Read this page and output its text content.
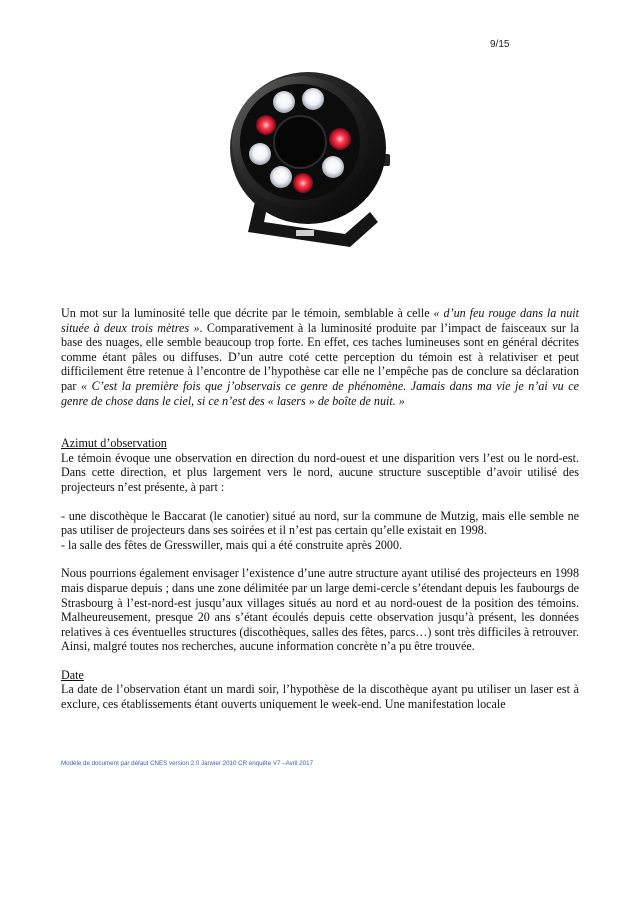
9/15

Un mot sur la luminosité telle que décrite par le témoin, semblable à celle « d’un feu rouge dans la nuit située à deux trois mètres ». Comparativement à la luminosité produite par l’impact de faisceaux sur la base des nuages, elle semble beaucoup trop forte. En effet, ces taches lumineuses sont en général décrites comme étant pâles ou diffuses. D’un autre coté cette perception du témoin est à relativiser et peut difficilement être retenue à l’encontre de l’hypothèse car elle ne l’empêche pas de conclure sa déclaration par « C’est la première fois que j’observais ce genre de phénomène. Jamais dans ma vie je n’ai vu ce genre de chose dans le ciel, si ce n’est des « lasers » de boîte de nuit. »

Azimut d’observation

Le témoin évoque une observation en direction du nord-ouest et une disparition vers l’est ou le nord-est. Dans cette direction, et plus largement vers le nord, aucune structure susceptible d’avoir utilisé des projecteurs n’est présente, à part :

- une discothèque le Baccarat (le canotier) situé au nord, sur la commune de Mutzig, mais elle semble ne pas utiliser de projecteurs dans ses soirées et il n’est pas certain qu’elle existait en 1998.

- la salle des fêtes de Gresswiller, mais qui a été construite après 2000.

Nous pourrions également envisager l’existence d’une autre structure ayant utilisé des projecteurs en 1998 mais disparue depuis ; dans une zone délimitée par un large demi-cercle s’étendant depuis les faubourgs de Strasbourg à l’est-nord-est jusqu’aux villages situés au nord et au nord-ouest de la position des témoins. Malheureusement, presque 20 ans s’étant écoulés depuis cette observation jusqu’à présent, les données relatives à ces éventuelles structures (discothèques, salles des fêtes, parcs…) sont très difficiles à retrouver. Ainsi, malgré toutes nos recherches, aucune information concrète n’a pu être trouvée.

Date

La date de l’observation étant un mardi soir, l’hypothèse de la discothèque ayant pu utiliser un laser est à exclure, ces établissements étant ouverts uniquement le week-end. Une manifestation locale

Modèle de document par défaut CNES version 2.0 Janvier 2010 CR enquête V7 –Avril 2017
